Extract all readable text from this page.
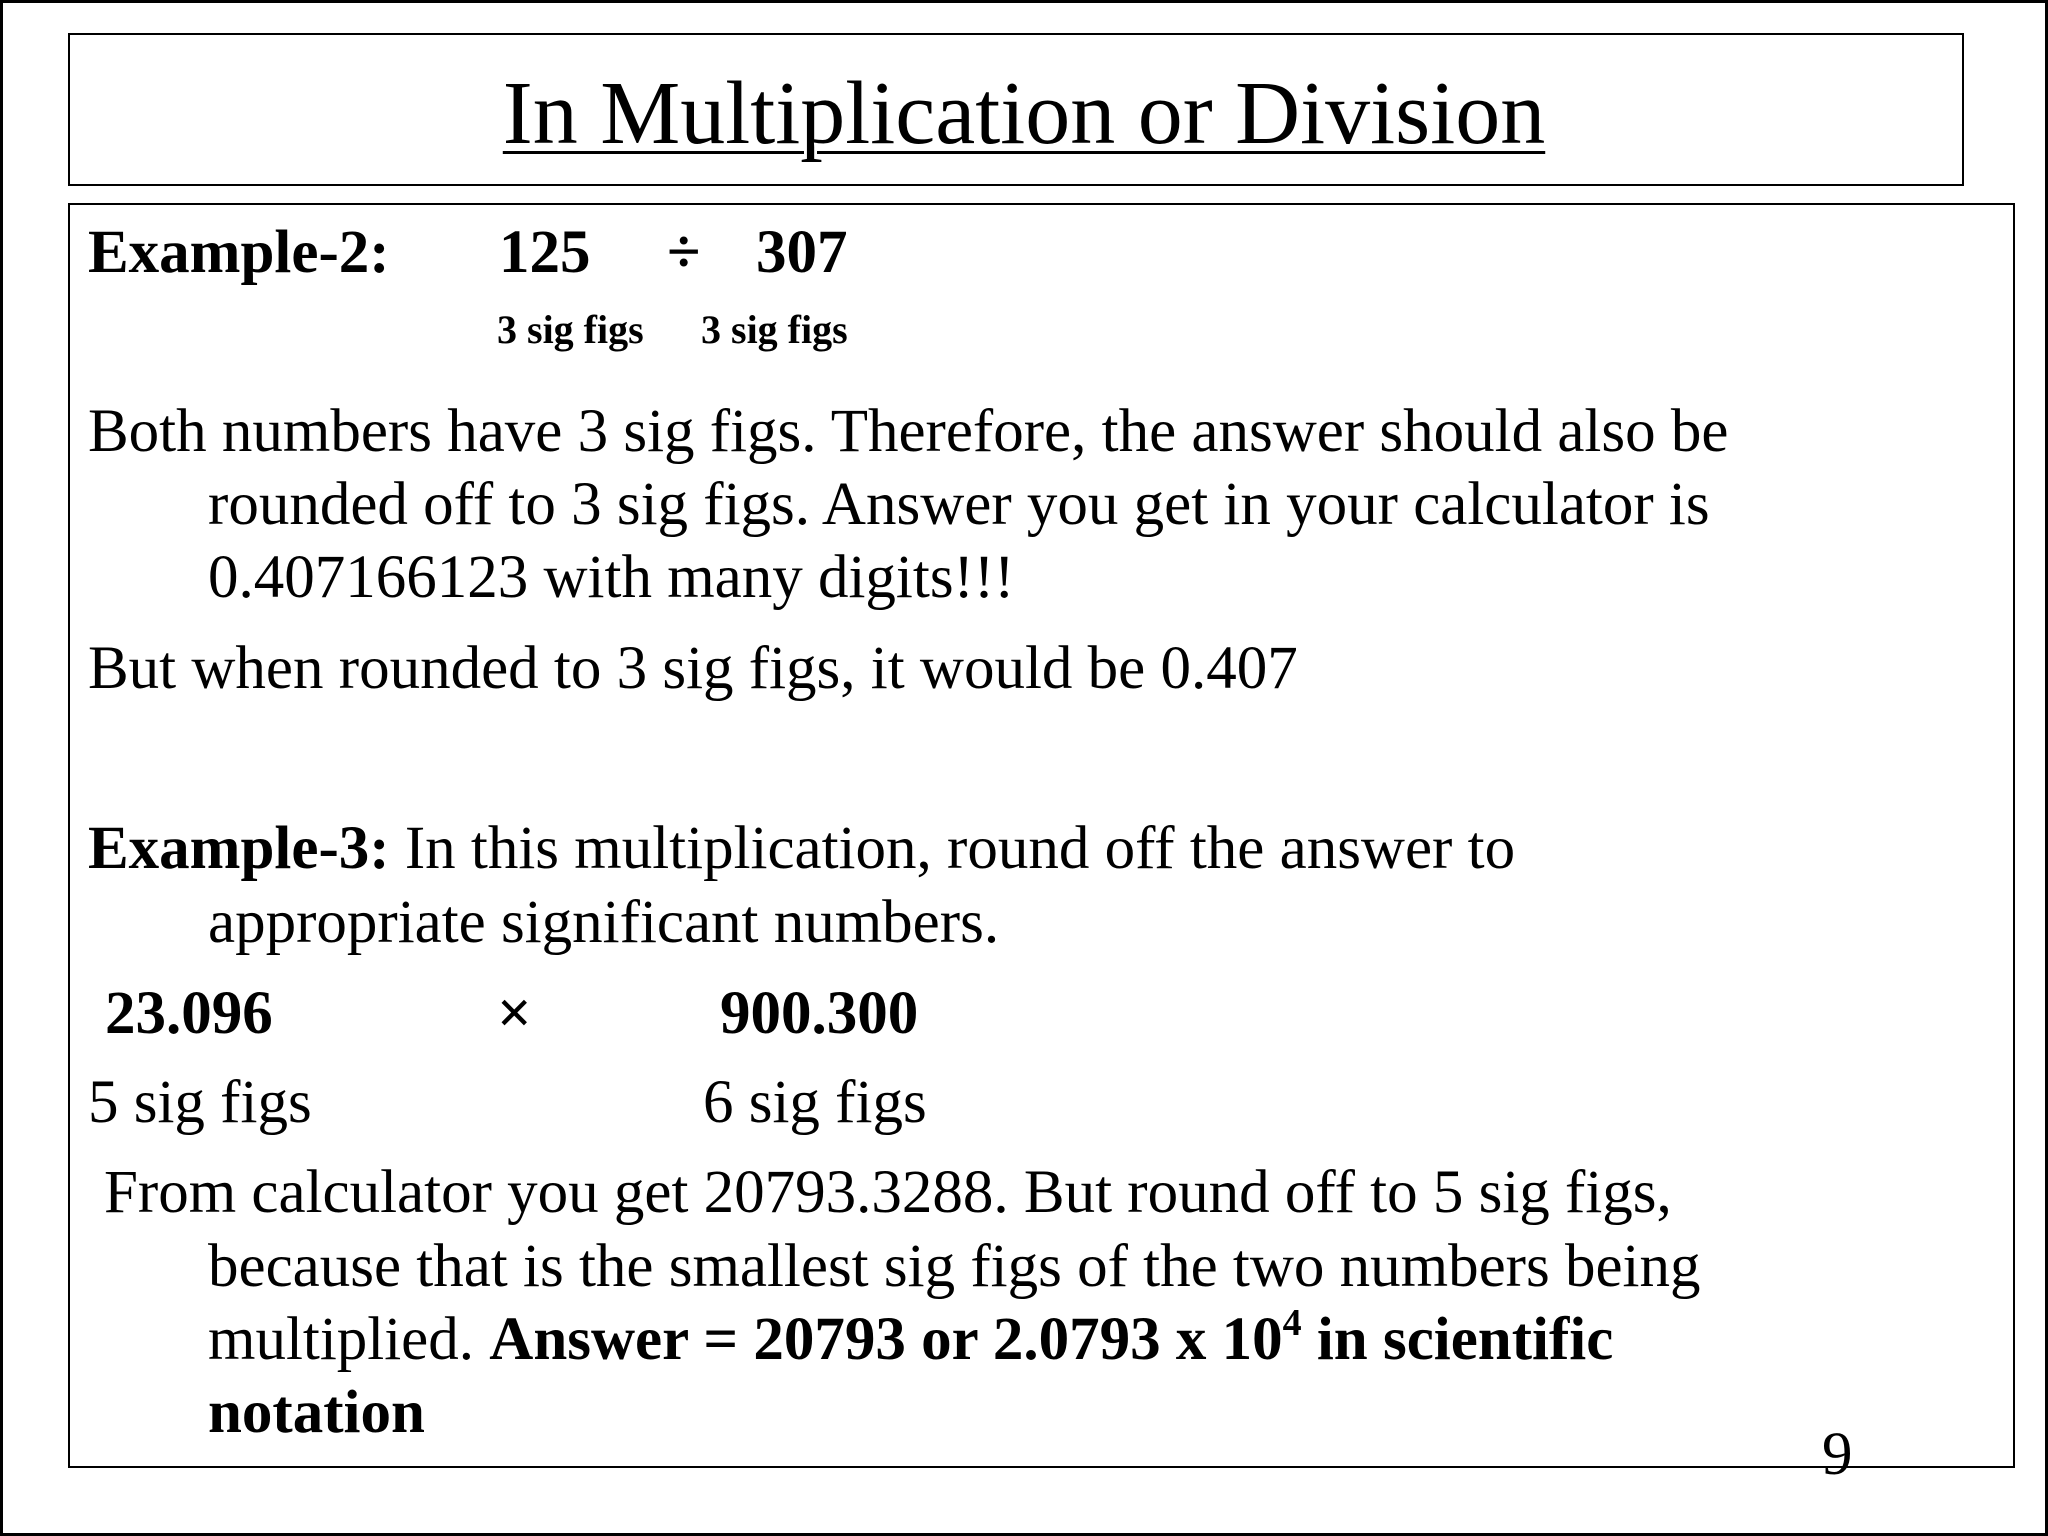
In Multiplication or Division
Example-2: 125 ÷ 307
3 sig figs 3 sig figs
Both numbers have 3 sig figs. Therefore, the answer should also be
rounded off to 3 sig figs. Answer you get in your calculator is
0.407166123 with many digits!!!
But when rounded to 3 sig figs, it would be 0.407
Example-3: In this multiplication, round off the answer to
appropriate significant numbers.
23.096	×	900.300
5 sig figs	6 sig figs
From calculator you get 20793.3288. But round off to 5 sig figs,
because that is the smallest sig figs of the two numbers being
multiplied. Answer = 20793 or 2.0793 x $10^4$ in scientific
notation
9
